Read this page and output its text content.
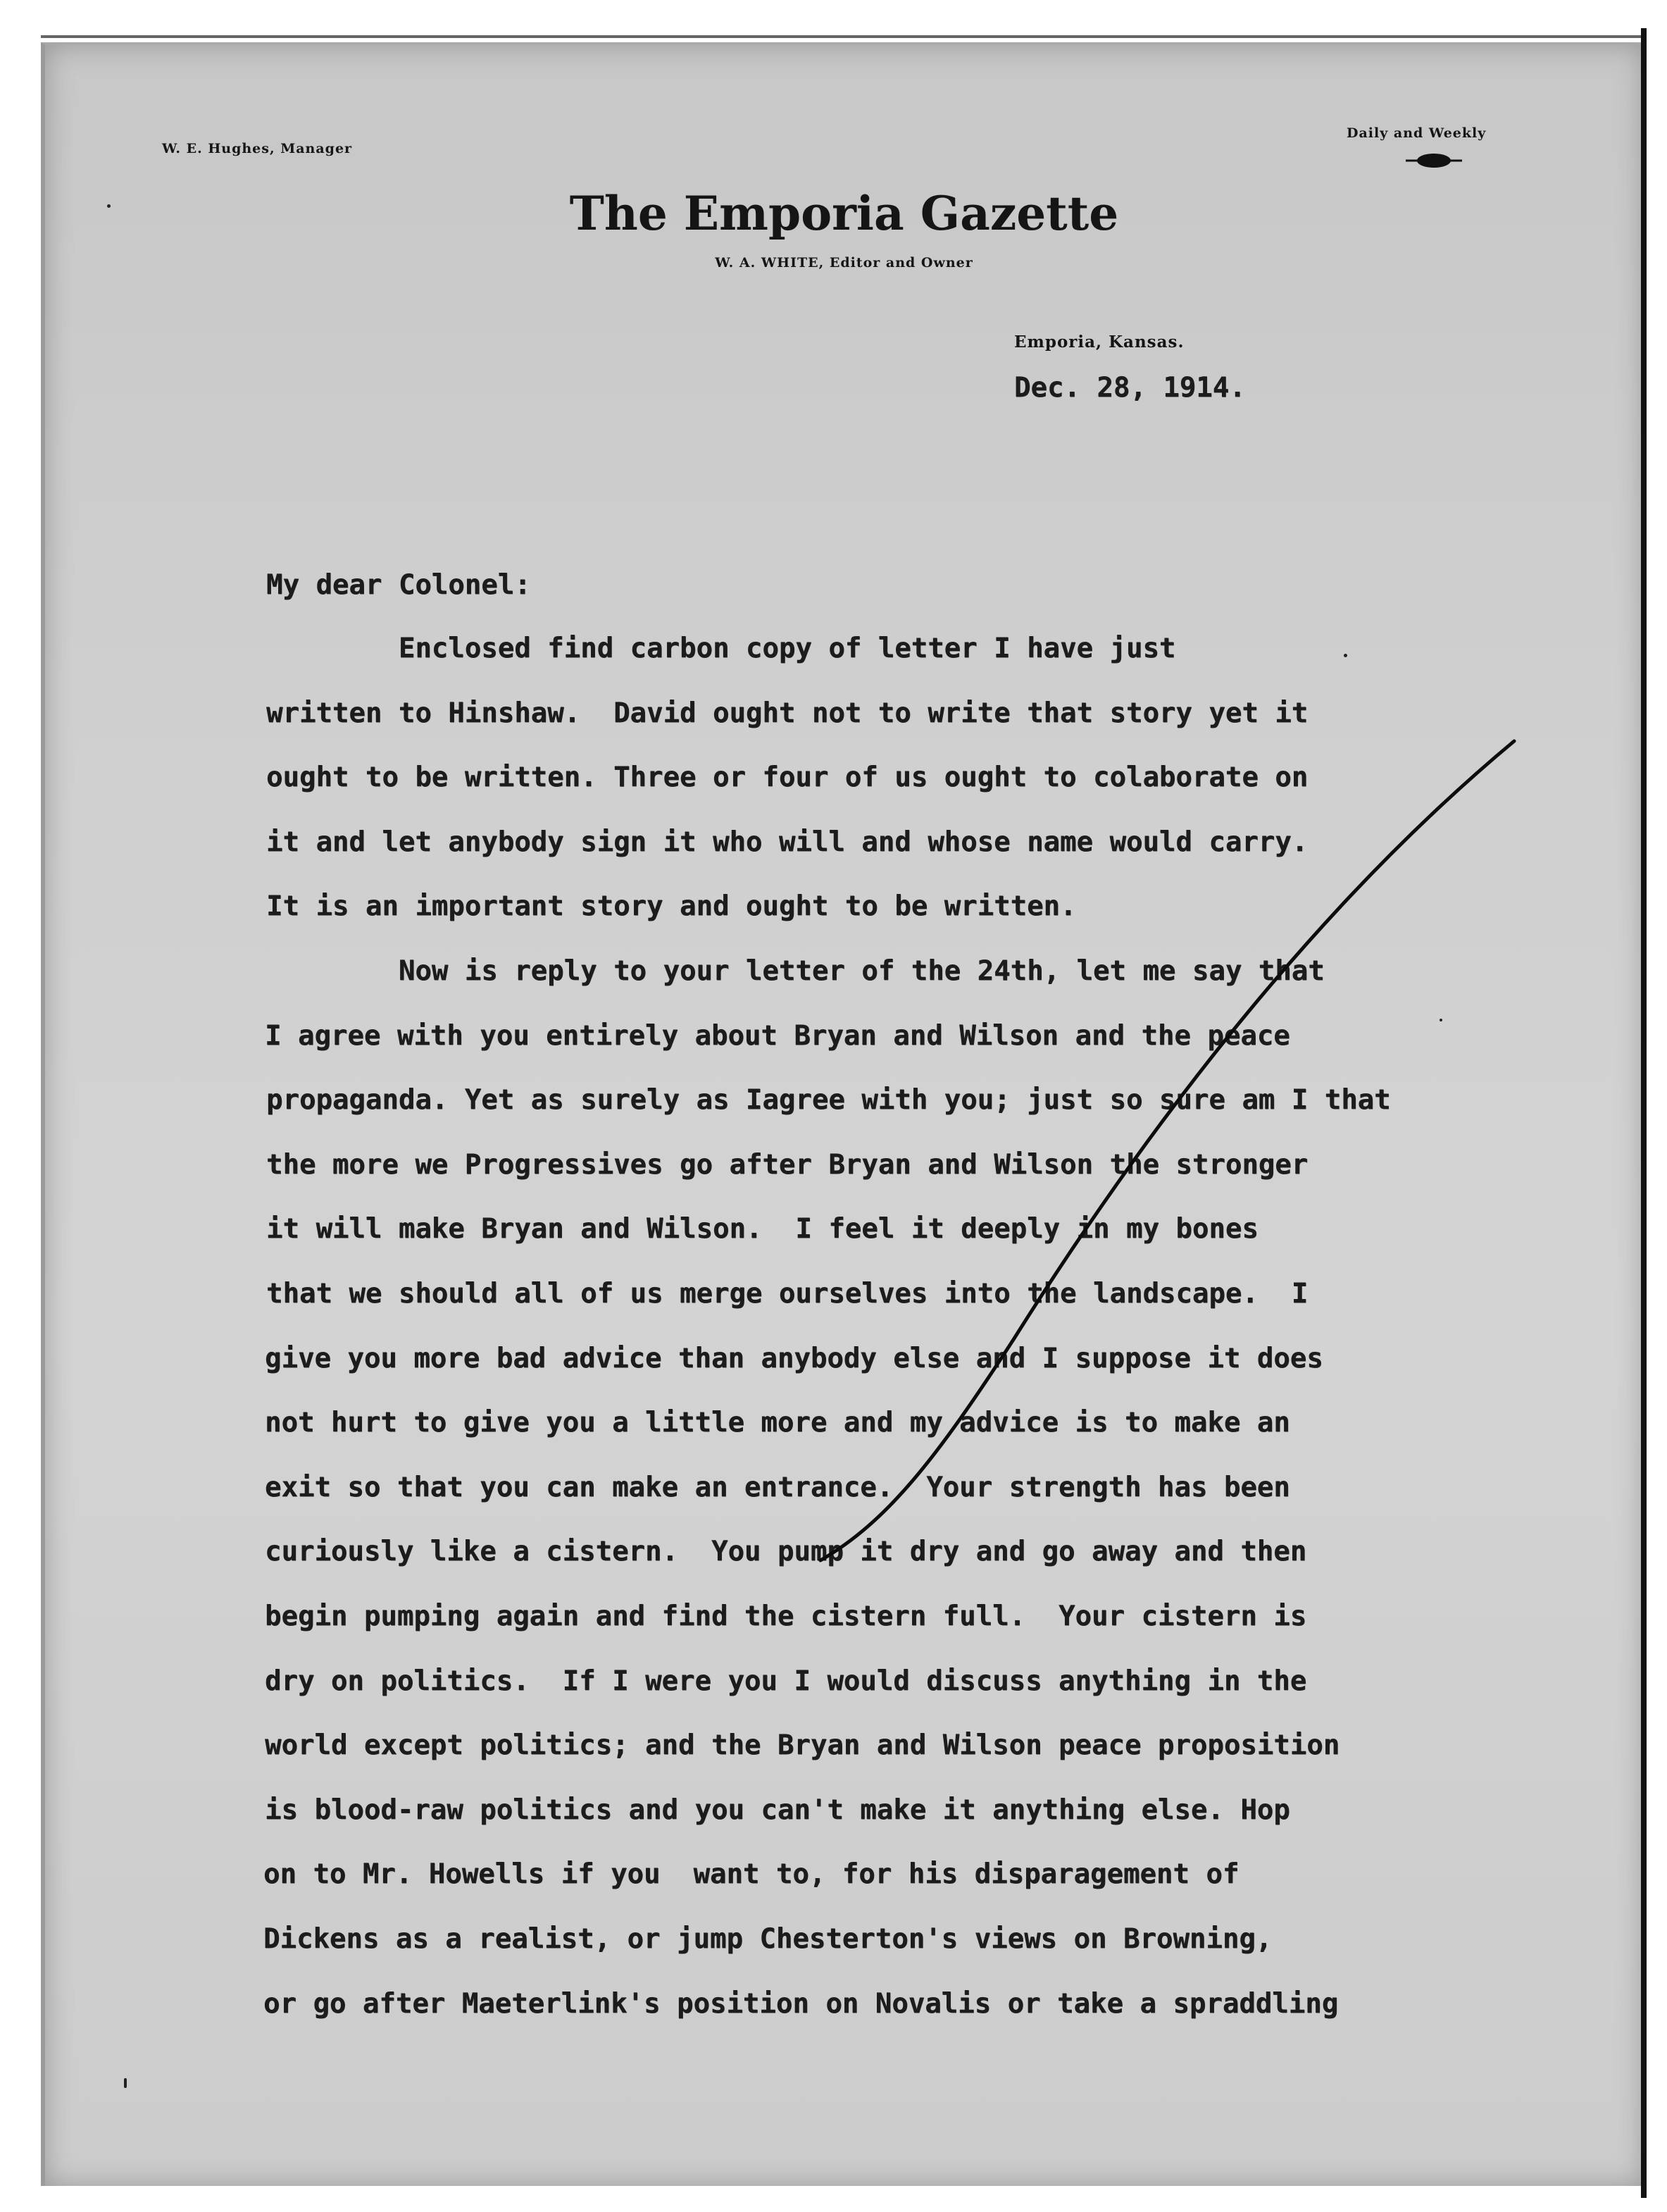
W. E. Hughes, Manager
Daily and Weekly
The Emporia Gazette
W. A. WHITE, Editor and Owner
Emporia, Kansas.
Dec. 28, 1914.
My dear Colonel:
Enclosed find carbon copy of letter I have just
written to Hinshaw.  David ought not to write that story yet it
ought to be written. Three or four of us ought to colaborate on
it and let anybody sign it who will and whose name would carry.
It is an important story and ought to be written.
Now is reply to your letter of the 24th, let me say that
I agree with you entirely about Bryan and Wilson and the peace
propaganda. Yet as surely as Iagree with you; just so sure am I that
the more we Progressives go after Bryan and Wilson the stronger
it will make Bryan and Wilson.  I feel it deeply in my bones
that we should all of us merge ourselves into the landscape.  I
give you more bad advice than anybody else and I suppose it does
not hurt to give you a little more and my advice is to make an
exit so that you can make an entrance.  Your strength has been
curiously like a cistern.  You pump it dry and go away and then
begin pumping again and find the cistern full.  Your cistern is
dry on politics.  If I were you I would discuss anything in the
world except politics; and the Bryan and Wilson peace proposition
is blood-raw politics and you can't make it anything else. Hop
on to Mr. Howells if you  want to, for his disparagement of
Dickens as a realist, or jump Chesterton's views on Browning,
or go after Maeterlink's position on Novalis or take a spraddling
